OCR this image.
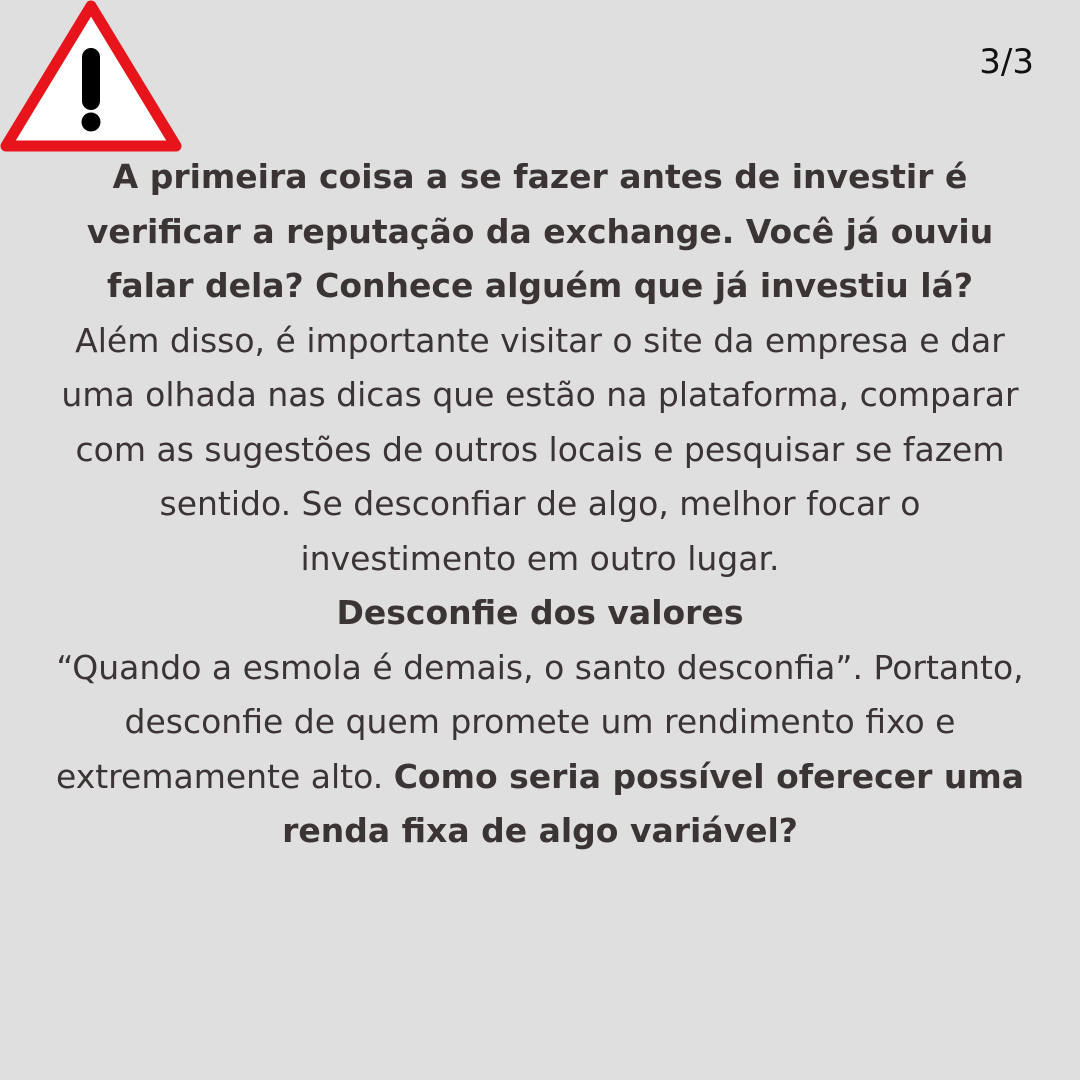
3/3

A primeira coisa a se fazer antes de investir é verificar a reputação da exchange. Você já ouviu falar dela? Conhece alguém que já investiu lá?

Além disso, é importante visitar o site da empresa e dar uma olhada nas dicas que estão na plataforma, comparar com as sugestões de outros locais e pesquisar se fazem sentido. Se desconfiar de algo, melhor focar o investimento em outro lugar.

Desconfie dos valores

“Quando a esmola é demais, o santo desconfia”. Portanto, desconfie de quem promete um rendimento fixo e extremamente alto. Como seria possível oferecer uma renda fixa de algo variável?
